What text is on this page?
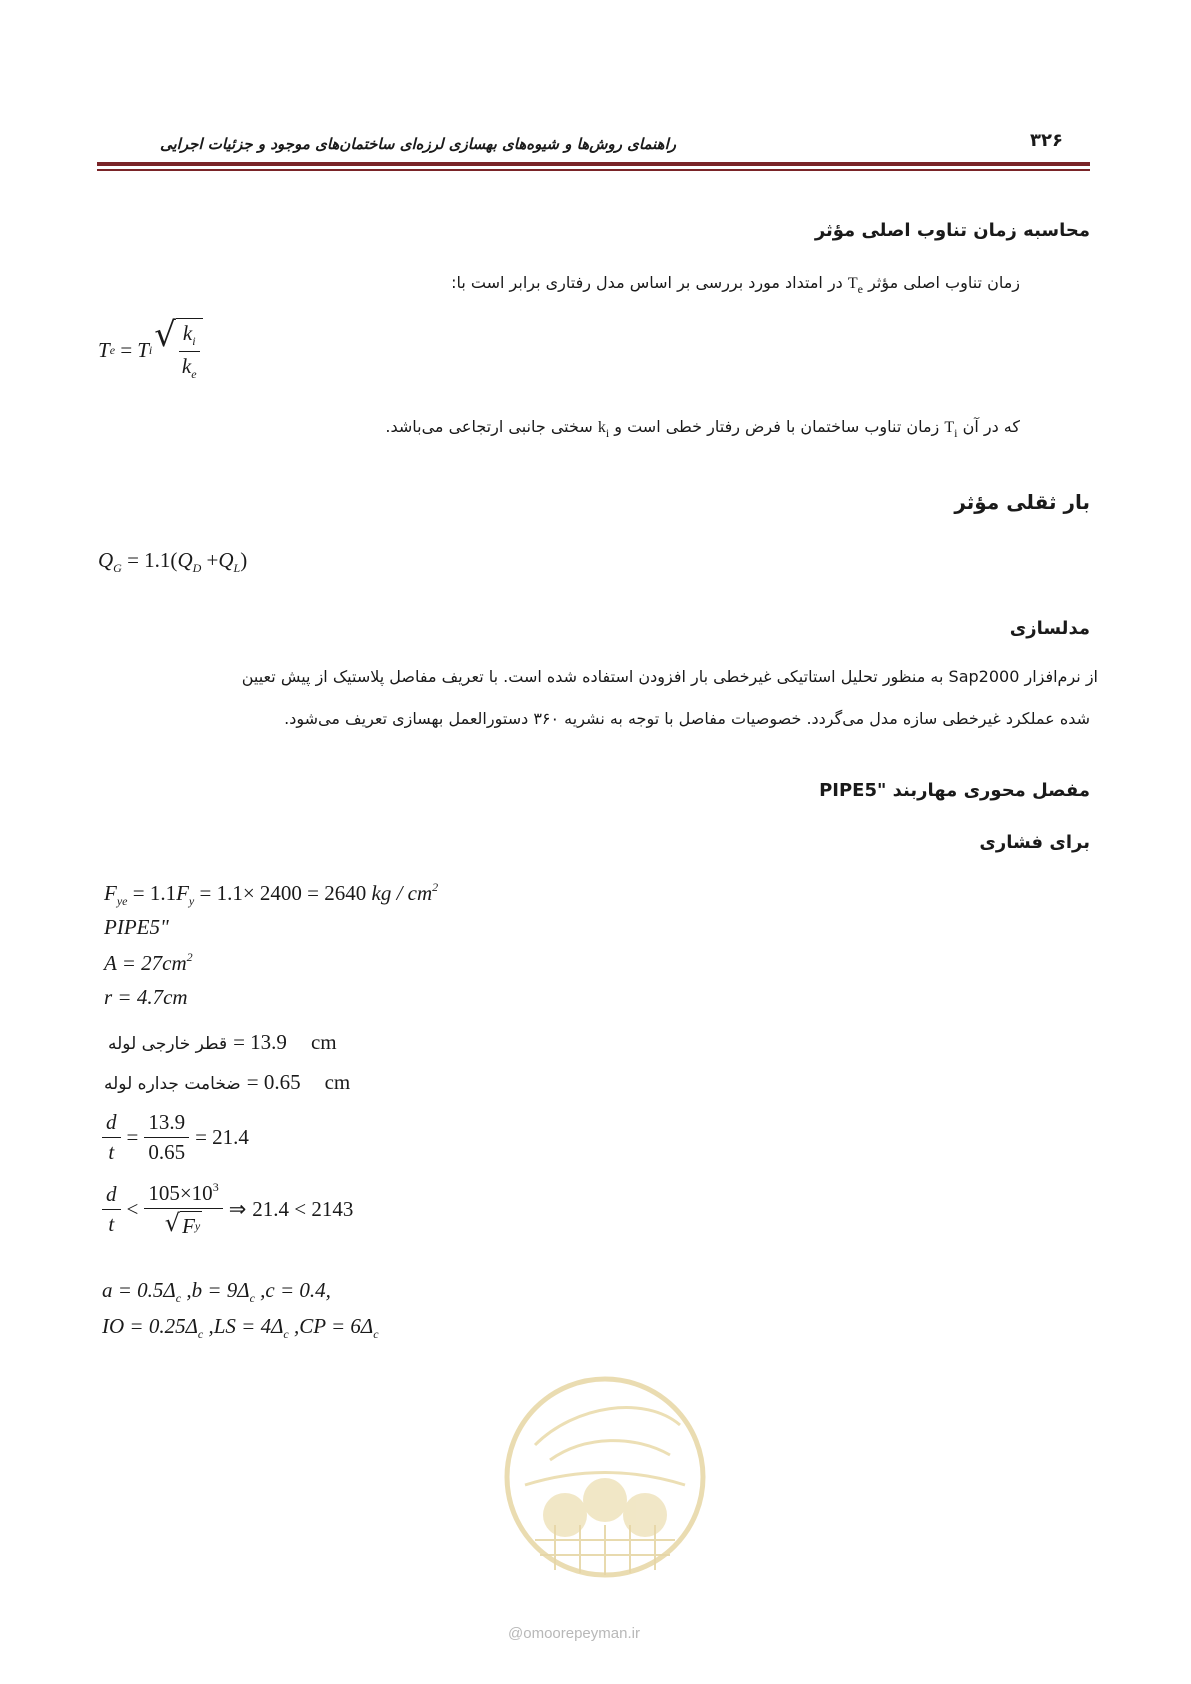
۳۲۶
راهنمای روش‌ها و شیوه‌های بهسازی لرزه‌ای ساختمان‌های موجود و جزئیات اجرایی
محاسبه زمان تناوب اصلی مؤثر
زمان تناوب اصلی مؤثر $T_e$ در امتداد مورد بررسی بر اساس مدل رفتاری برابر است با:
T e = T i √ $\frac{k_i}{k_e}$
که در آن $T_i$ زمان تناوب ساختمان با فرض رفتار خطی است و $k_i$ سختی جانبی ارتجاعی می‌باشد.
بار ثقلی مؤثر
$Q_G = 1.1(Q_D +Q_L)$
مدلسازی
از نرم‌افزار Sap2000 به منظور تحلیل استاتیکی غیرخطی بار افزودن استفاده شده است. با تعریف مفاصل پلاستیک از پیش تعیین
شده عملکرد غیرخطی سازه مدل می‌گردد. خصوصیات مفاصل با توجه به نشریه ۳۶۰ دستورالعمل بهسازی تعریف می‌شود.
مفصل محوری مهاربند "PIPE5
برای فشاری
$F_{ye} = 1.1F_y = 1.1\times 2400 = 2640$ kg / $cm^2$
PIPE5"
$A = 27cm^2$
r = 4.7cm
قطر خارجی لوله = 13.9 cm
ضخامت جداره لوله = 0.65 cm
$\frac{d}{t} = \frac{13.9}{0.65} = 21.4$
$\frac{d}{t} < \frac{105\times 10^3}{\text{√ F y}}$ ⇒ 21.4 < 2143
$a = 0.5\Delta_c$ $,b = 9\Delta_c$ ,c = 0.4,
IO = $0.25\Delta_c$ $,LS = 4\Delta_c$ $,CP = 6\Delta_c$
@omoorepeyman.ir
